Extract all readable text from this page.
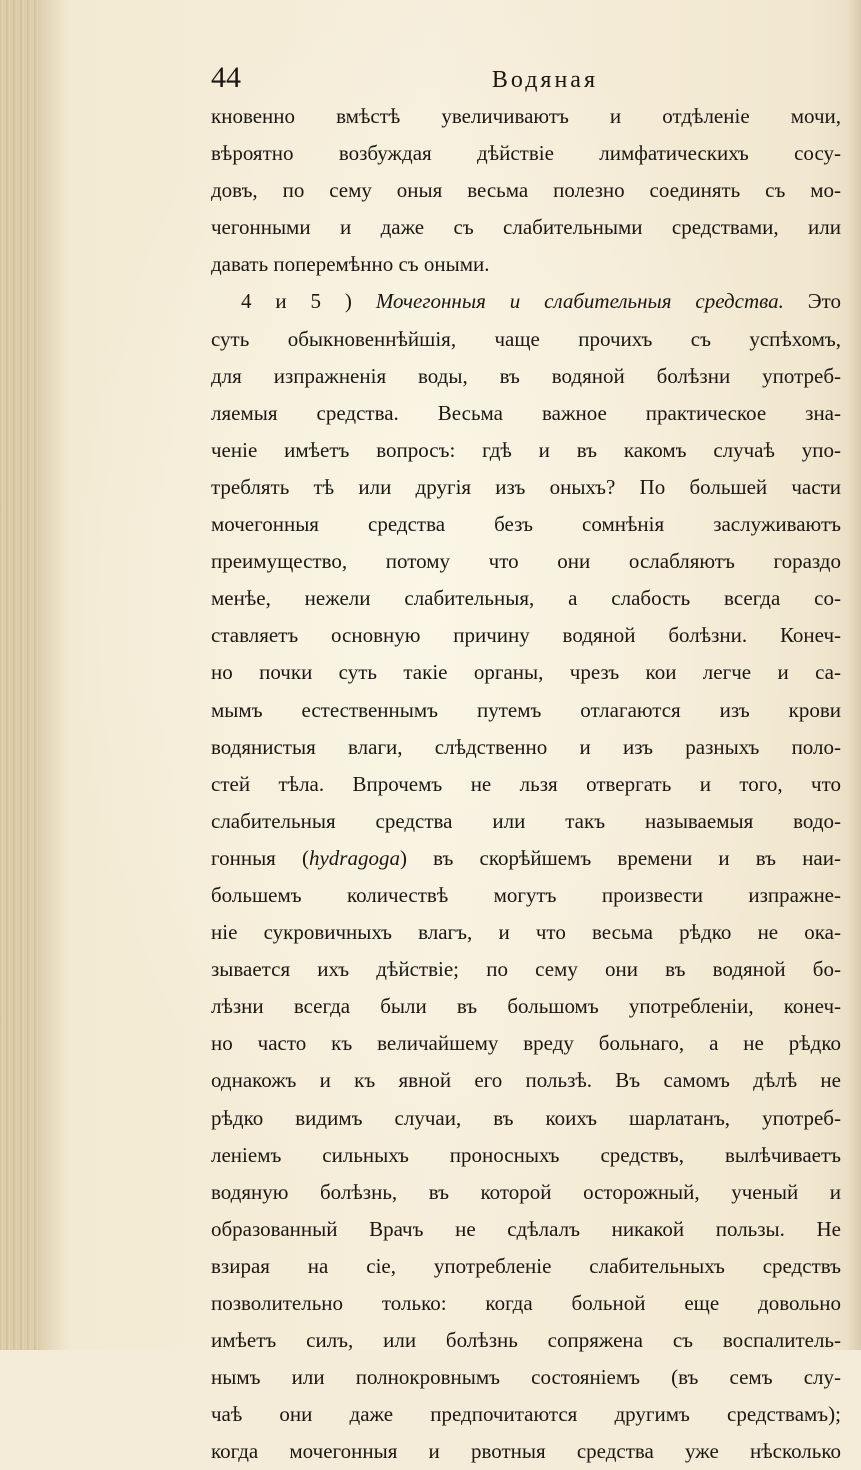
44	Водяная
кновенно вмѣстѣ увеличиваютъ и отдѣленіе мочи,
вѣроятно возбуждая дѣйствіе лимфатическихъ сосу-
довъ, по сему оныя весьма полезно соединять съ мо-
чегонными и даже съ слабительными средствами, или
давать поперемѣнно съ оными.
4 и 5 ) Мочегонныя и слабительныя средства. Это
суть обыкновеннѣйшія, чаще прочихъ съ успѣхомъ,
для изпражненія воды, въ водяной болѣзни употреб-
ляемыя средства. Весьма важное практическое зна-
ченіе имѣетъ вопросъ: гдѣ и въ какомъ случаѣ упо-
треблять тѣ или другія изъ оныхъ? По большей части
мочегонныя средства безъ сомнѣнія заслуживаютъ
преимущество, потому что они ослабляютъ гораздо
менѣе, нежели слабительныя, а слабость всегда со-
ставляетъ основную причину водяной болѣзни. Конеч-
но почки суть такіе органы, чрезъ кои легче и са-
мымъ естественнымъ путемъ отлагаются изъ крови
водянистыя влаги, слѣдственно и изъ разныхъ поло-
стей тѣла. Впрочемъ не льзя отвергать и того, что
слабительныя средства или такъ называемыя водо-
гонныя (hydragoga) въ скорѣйшемъ времени и въ наи-
большемъ количествѣ могутъ произвести изпражне-
ніе сукровичныхъ влагъ, и что весьма рѣдко не ока-
зывается ихъ дѣйствіе; по сему они въ водяной бо-
лѣзни всегда были въ большомъ употребленіи, конеч-
но часто къ величайшему вреду больнаго, а не рѣдко
однакожъ и къ явной его пользѣ. Въ самомъ дѣлѣ не
рѣдко видимъ случаи, въ коихъ шарлатанъ, употреб-
леніемъ сильныхъ проносныхъ средствъ, вылѣчиваетъ
водяную болѣзнь, въ которой осторожный, ученый и
образованный Врачъ не сдѣлалъ никакой пользы. Не
взирая на сіе, употребленіе слабительныхъ средствъ
позволительно только: когда больной еще довольно
имѣетъ силъ, или болѣзнь сопряжена съ воспалитель-
нымъ или полнокровнымъ состояніемъ (въ семъ слу-
чаѣ они даже предпочитаются другимъ средствамъ);
когда мочегонныя и рвотныя средства уже нѣсколько
